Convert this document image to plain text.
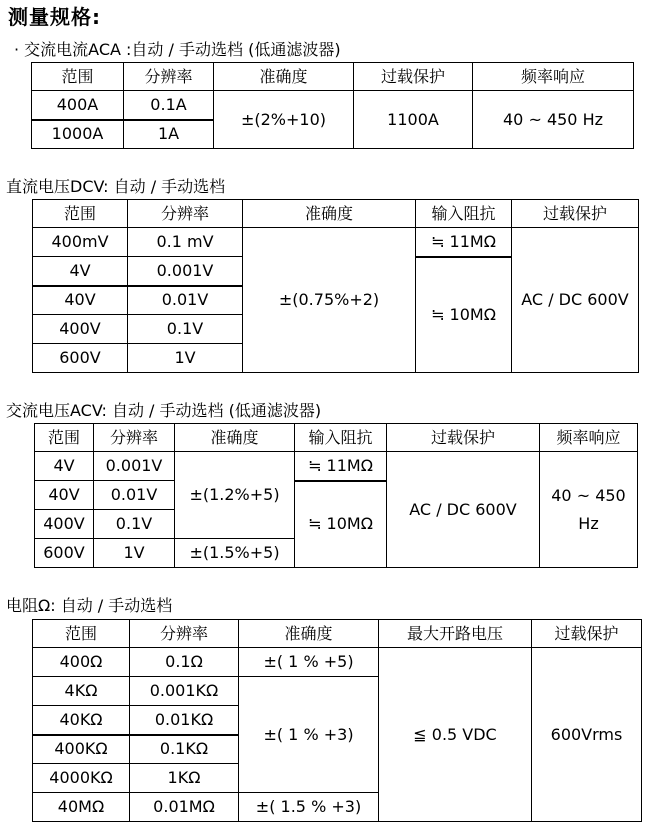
测量规格:
· 交流电流ACA :自动 / 手动选档 (低通滤波器)
范围	分辨率	准确度	过载保护	频率响应
400A	0.1A	±(2%+10)	1100A	40 ~ 450 Hz
1000A	1A			
直流电压DCV: 自动 / 手动选档
范围	分辨率	准确度	输入阻抗	过载保护
400mV	0.1 mV	±(0.75%+2)	≒ 11MΩ	AC / DC 600V
4V	0.001V		≒ 10MΩ	
40V	0.01V			
400V	0.1V			
600V	1V			
交流电压ACV: 自动 / 手动选档 (低通滤波器)
范围	分辨率	准确度	输入阻抗	过载保护	频率响应
4V	0.001V	±(1.2%+5)	≒ 11MΩ	AC / DC 600V	40 ~ 450 Hz
40V	0.01V		≒ 10MΩ		
400V	0.1V				
600V	1V	±(1.5%+5)			
电阻Ω: 自动 / 手动选档
范围	分辨率	准确度	最大开路电压	过载保护
400Ω	0.1Ω	±( 1 % +5)	≦ 0.5 VDC	600Vrms
4KΩ	0.001KΩ	±( 1 % +3)		
40KΩ	0.01KΩ			
400KΩ	0.1KΩ			
4000KΩ	1KΩ			
40MΩ	0.01MΩ	±( 1.5 % +3)		
